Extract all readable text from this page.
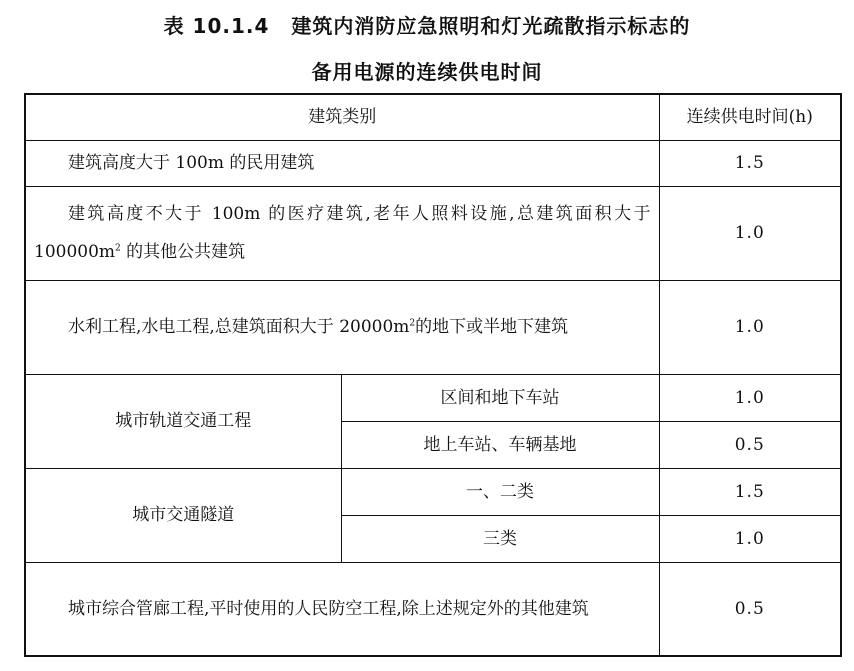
表 10.1.4 建筑内消防应急照明和灯光疏散指示标志的
备用电源的连续供电时间
建筑类别		连续供电时间(h)

建筑高度大于 100m 的民用建筑		1.5

建筑高度不大于 100m 的医疗建筑,老年人照料设施,总建筑面积大于 $100000m^2$ 的其他公共建筑		1.0

水利工程,水电工程,总建筑面积大于 $20000m^2$的地下或半地下建筑		1.0
城市轨道交通工程	区间和地下车站	1.0
	地上车站、车辆基地	0.5
城市交通隧道	一、二类	1.5
	三类	1.0

城市综合管廊工程,平时使用的人民防空工程,除上述规定外的其他建筑		0.5
